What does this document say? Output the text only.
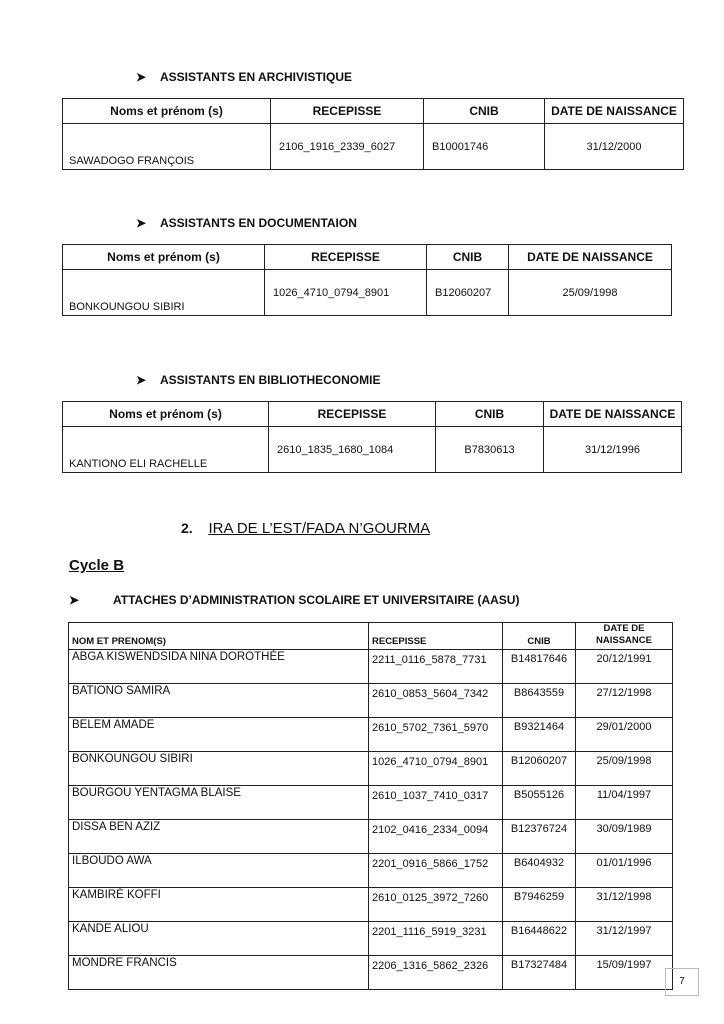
➤ ASSISTANTS EN ARCHIVISTIQUE
Noms et prénom (s)	RECEPISSE	CNIB	DATE DE NAISSANCE
SAWADOGO FRANÇOIS	2106_1916_2339_6027	B10001746	31/12/2000
➤ ASSISTANTS EN DOCUMENTAION
Noms et prénom (s)	RECEPISSE	CNIB	DATE DE NAISSANCE
BONKOUNGOU SIBIRI	1026_4710_0794_8901	B12060207	25/09/1998
➤ ASSISTANTS EN BIBLIOTHECONOMIE
Noms et prénom (s)	RECEPISSE	CNIB	DATE DE NAISSANCE
KANTIONO ELI RACHELLE	2610_1835_1680_1084	B7830613	31/12/1996
2. IRA DE L’EST/FADA N’GOURMA
Cycle B
➤	ATTACHES D’ADMINISTRATION SCOLAIRE ET UNIVERSITAIRE (AASU)
NOM ET PRENOM(S)	RECEPISSE	CNIB	DATE DE NAISSANCE
ABGA KISWENDSIDA NINA DOROTHÉE	2211_0116_5878_7731	B14817646	20/12/1991
BATIONO SAMIRA	2610_0853_5604_7342	B8643559	27/12/1998
BELEM AMADE	2610_5702_7361_5970	B9321464	29/01/2000
BONKOUNGOU SIBIRI	1026_4710_0794_8901	B12060207	25/09/1998
BOURGOU YENTAGMA BLAISE	2610_1037_7410_0317	B5055126	11/04/1997
DISSA BEN AZIZ	2102_0416_2334_0094	B12376724	30/09/1989
ILBOUDO AWA	2201_0916_5866_1752	B6404932	01/01/1996
KAMBIRÉ KOFFI	2610_0125_3972_7260	B7946259	31/12/1998
KANDE ALIOU	2201_1116_5919_3231	B16448622	31/12/1997
MONDRE FRANCIS	2206_1316_5862_2326	B17327484	15/09/1997
7
